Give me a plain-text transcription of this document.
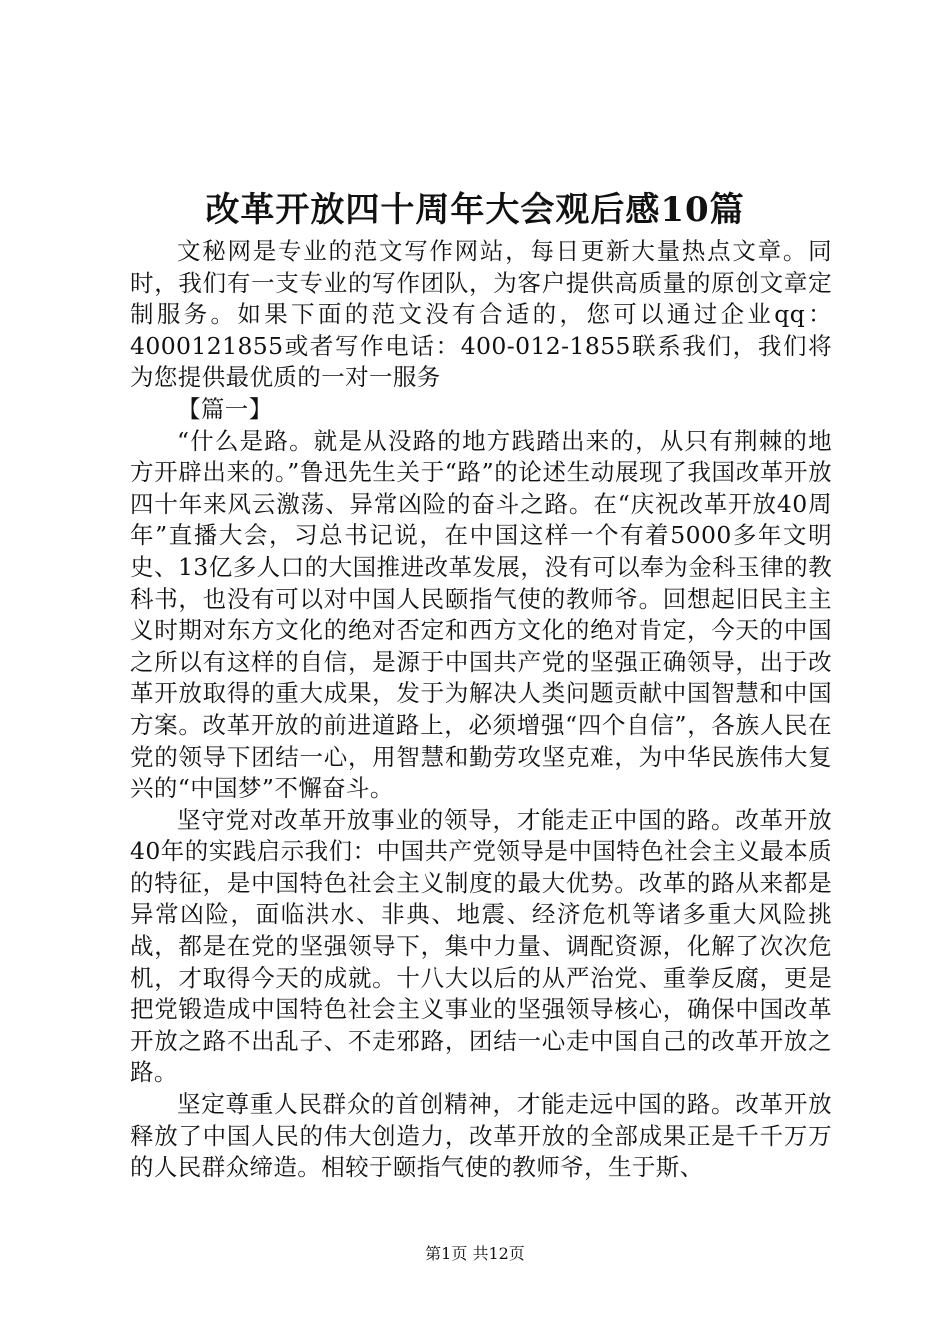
改革开放四十周年大会观后感10篇

文秘网是专业的范文写作网站，每日更新大量热点文章。同时，我们有一支专业的写作团队，为客户提供高质量的原创文章定制服务。如果下面的范文没有合适的，您可以通过企业qq：4000121855或者写作电话：400-012-1855联系我们，我们将为您提供最优质的一对一服务

【篇一】

“什么是路。就是从没路的地方践踏出来的，从只有荆棘的地方开辟出来的。”鲁迅先生关于“路”的论述生动展现了我国改革开放四十年来风云激荡、异常凶险的奋斗之路。在“庆祝改革开放40周年”直播大会，习总书记说，在中国这样一个有着5000多年文明史、13亿多人口的大国推进改革发展，没有可以奉为金科玉律的教科书，也没有可以对中国人民颐指气使的教师爷。回想起旧民主主义时期对东方文化的绝对否定和西方文化的绝对肯定，今天的中国之所以有这样的自信，是源于中国共产党的坚强正确领导，出于改革开放取得的重大成果，发于为解决人类问题贡献中国智慧和中国方案。改革开放的前进道路上，必须增强“四个自信”，各族人民在党的领导下团结一心，用智慧和勤劳攻坚克难，为中华民族伟大复兴的“中国梦”不懈奋斗。

坚守党对改革开放事业的领导，才能走正中国的路。改革开放40年的实践启示我们：中国共产党领导是中国特色社会主义最本质的特征，是中国特色社会主义制度的最大优势。改革的路从来都是异常凶险，面临洪水、非典、地震、经济危机等诸多重大风险挑战，都是在党的坚强领导下，集中力量、调配资源，化解了次次危机，才取得今天的成就。十八大以后的从严治党、重拳反腐，更是把党锻造成中国特色社会主义事业的坚强领导核心，确保中国改革开放之路不出乱子、不走邪路，团结一心走中国自己的改革开放之路。

坚定尊重人民群众的首创精神，才能走远中国的路。改革开放释放了中国人民的伟大创造力，改革开放的全部成果正是千千万万的人民群众缔造。相较于颐指气使的教师爷，生于斯、

第1页 共12页
